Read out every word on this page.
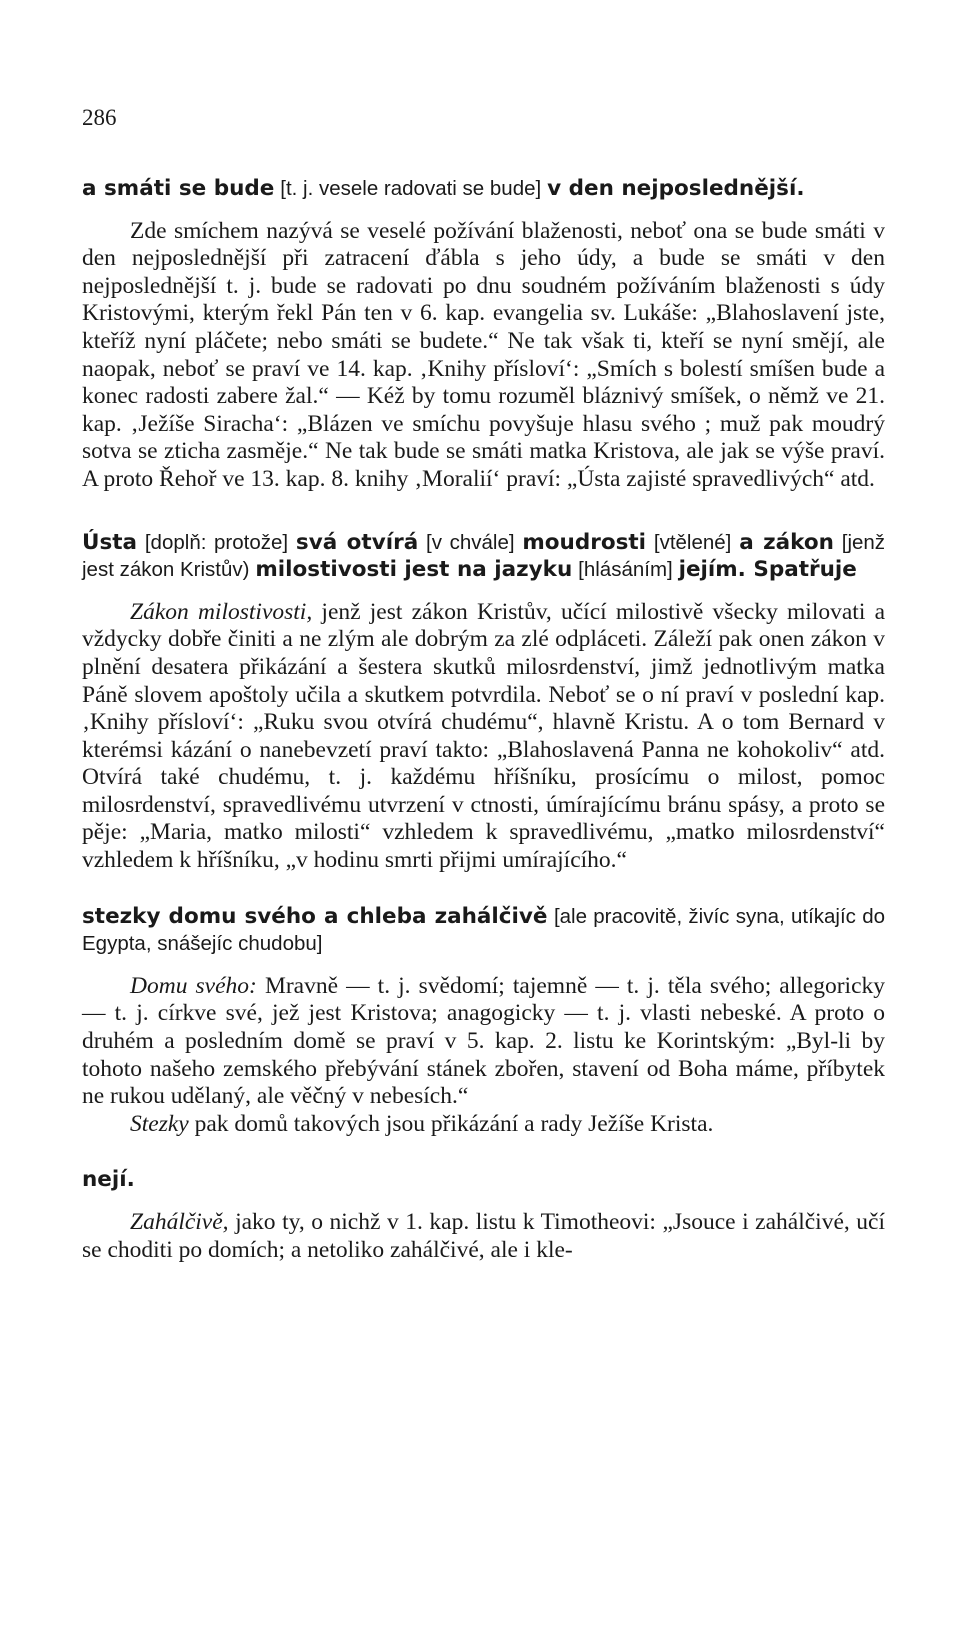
286

a smáti se bude [t. j. vesele radovati se bude] v den nejposlednější.

Zde smíchem nazývá se veselé požívání blaženosti, neboť ona se bude smáti v den nejposlednější při zatracení ďábla s jeho údy, a bude se smáti v den nejposlednější t. j. bude se radovati po dnu soudném požíváním blaženosti s údy Kristovými, kterým řekl Pán ten v 6. kap. evangelia sv. Lukáše: „Blahoslavení jste, kteříž nyní pláčete; nebo smáti se budete.“ Ne tak však ti, kteří se nyní smějí, ale naopak, neboť se praví ve 14. kap. ‚Knihy přísloví‘: „Smích s bolestí smíšen bude a konec radosti zabere žal.“ — Kéž by tomu rozuměl bláznivý smíšek, o němž ve 21. kap. ‚Ježíše Siracha‘: „Blázen ve smíchu povyšuje hlasu svého ; muž pak moudrý sotva se zticha zasměje.“ Ne tak bude se smáti matka Kristova, ale jak se výše praví. A proto Řehoř ve 13. kap. 8. knihy ‚Moralií‘ praví: „Ústa zajisté spravedlivých“ atd.

Ústa [doplň: protože] svá otvírá [v chvále] moudrosti [vtělené] a zákon [jenž jest zákon Kristův) milostivosti jest na jazyku [hlásáním] jejím. Spatřuje

Zákon milostivosti, jenž jest zákon Kristův, učící milostivě všecky milovati a vždycky dobře činiti a ne zlým ale dobrým za zlé odpláceti. Záleží pak onen zákon v plnění desatera přikázání a šestera skutků milosrdenství, jimž jednotlivým matka Páně slovem apoštoly učila a skutkem potvrdila. Neboť se o ní praví v poslední kap. ‚Knihy přísloví‘: „Ruku svou otvírá chudému“, hlavně Kristu. A o tom Bernard v kterémsi kázání o nanebevzetí praví takto: „Blahoslavená Panna ne kohokoliv“ atd. Otvírá také chudému, t. j. každému hříšníku, prosícímu o milost, pomoc milosrdenství, spravedlivému utvrzení v ctnosti, úmírajícímu bránu spásy, a proto se pěje: „Maria, matko milosti“ vzhledem k spravedlivému, „matko milosrdenství“ vzhledem k hříšníku, „v hodinu smrti přijmi umírajícího.“

stezky domu svého a chleba zahálčivě [ale pracovitě, živíc syna, utíkajíc do Egypta, snášejíc chudobu]

Domu svého: Mravně — t. j. svědomí; tajemně — t. j. těla svého; allegoricky — t. j. církve své, jež jest Kristova; anagogicky — t. j. vlasti nebeské. A proto o druhém a posledním domě se praví v 5. kap. 2. listu ke Korintským: „Byl-li by tohoto našeho zemského přebývání stánek zbořen, stavení od Boha máme, příbytek ne rukou udělaný, ale věčný v nebesích.“

Stezky pak domů takových jsou přikázání a rady Ježíše Krista.

nejí.

Zahálčivě, jako ty, o nichž v 1. kap. listu k Timotheovi: „Jsouce i zahálčivé, učí se choditi po domích; a netoliko zahálčivé, ale i kle-
